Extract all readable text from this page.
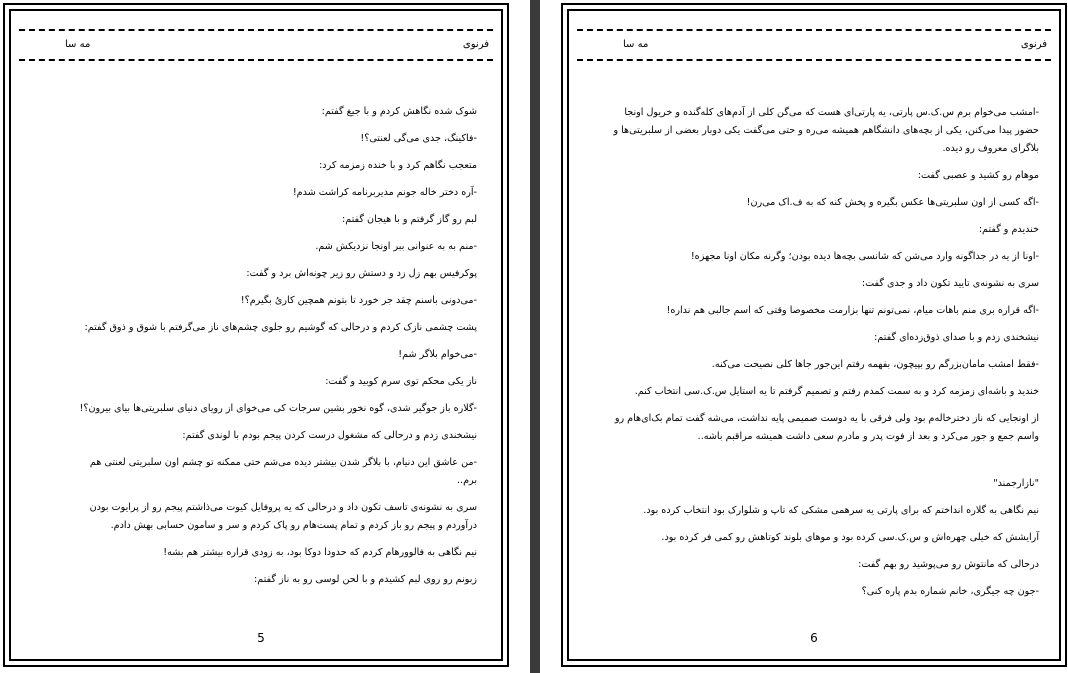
فرنوی
مه سا

شوک شده نگاهش کردم و با جیغ گفتم:

-فاکینگ، جدی می‌گی لعنتی؟!

متعجب نگاهم کرد و با خنده زمزمه کرد:

-آره دختر خاله جونم مدیربرنامه کراشت شدم!

لبم رو گاز گرفتم و با هیجان گفتم:

-منم به به عنوانی ببر اونجا نزدیکش شم.

پوکرفیس بهم زل زد و دستش رو زیر چونه‌اش برد و گفت:

-می‌دونی باسنم چقد جر خورد تا بتونم همچین کاریُ بگیرم؟!

پشت چشمی نازک کردم و درحالی که گوشیم رو جلوی چشم‌های ناز می‌گرفتم با شوق و ذوق گفتم:

-می‌خوام بلاگر شم!

ناز یکی محکم توی سرم کوبید و گفت:

-گلاره باز جوگیر شدی، گوه نخور بشین سرجات کی می‌خوای از رویای دنیای سلبریتی‌ها بیای بیرون؟!

نیشخندی زدم و درحالی که مشغول درست کردن پیجم بودم با لوندی گفتم:

-من عاشق این دنیام، با بلاگر شدن بیشتر دیده می‌شم حتی ممکنه تو چشم اون سلبریتی لعنتی هم برم..

سری به نشونه‌ی تاسف تکون داد و درحالی که یه پروفایل کیوت می‌ذاشتم پیجم رو از پرایوت بودن درآوردم و پیجم رو باز کردم و تمام پست‌هام رو پاک کردم و سر و سامون حسابی بهش دادم.

نیم نگاهی به فالوورهام کردم که حدودا دوکا بود، به زودی قراره بیشتر هم بشه!

زبونم رو روی لبم کشیدم و با لحن لوسی رو به ناز گفتم:

5
فرنوی
مه سا

-امشب می‌خوام برم س.ک.س پارتی، یه پارتی‌ای هست که می‌گن کلی از آدم‌های کله‌گنده و خریول اونجا حضور پیدا می‌کنن، یکی از بچه‌های دانشگاهم همیشه می‌ره و حتی می‌گفت یکی دوبار بعضی از سلبریتی‌ها و بلاگرای معروف رو دیده.

موهام رو کشید و عصبی گفت:

-اگه کسی از اون سلبریتی‌ها عکس بگیره و پخش کنه که به ف.اک می‌رن!

خندیدم و گفتم:

-اونا از یه در جداگونه وارد می‌شن که شانسی بچه‌ها دیده بودن؛ وگرنه مکان اونا مجهزه!

سری به نشونه‌ی تایید تکون داد و جدی گفت:

-اگه قراره بری منم باهات میام، نمی‌تونم تنها بزارمت مخصوصا وقتی که اسم جالبی هم نداره!

نیشخندی زدم و با صدای ذوق‌زده‌ای گفتم:

-فقط امشب مامان‌بزرگم رو بپیچون، بفهمه رفتم این‌جور جاها کلی نصیحت می‌کنه.

خندید و باشه‌ای زمزمه کرد و به سمت کمدم رفتم و تصمیم گرفتم تا یه استایل س.ک.سی انتخاب کنم.

از اونجایی که ناز دخترخاله‌م بود ولی فرقی با یه دوست صمیمی پایه نداشت، می‌شه گفت تمام بک‌ای‌هام رو واسم جمع و جور می‌کرد و بعد از فوت پدر و مادرم سعی داشت همیشه مراقبم باشه..

"نازارجمند"

نیم نگاهی به گلاره انداختم که برای پارتی یه سرهمی مشکی که تاپ و شلوارک بود انتخاب کرده بود.

آرایشش که خیلی چهره‌اش و س.ک.سی کرده بود و موهای بلوند کوتاهش رو کمی فر کرده بود.

درحالی که مانتوش رو می‌پوشید رو بهم گفت:

-جون چه جیگری، خانم شماره بدم پاره کنی؟

6
